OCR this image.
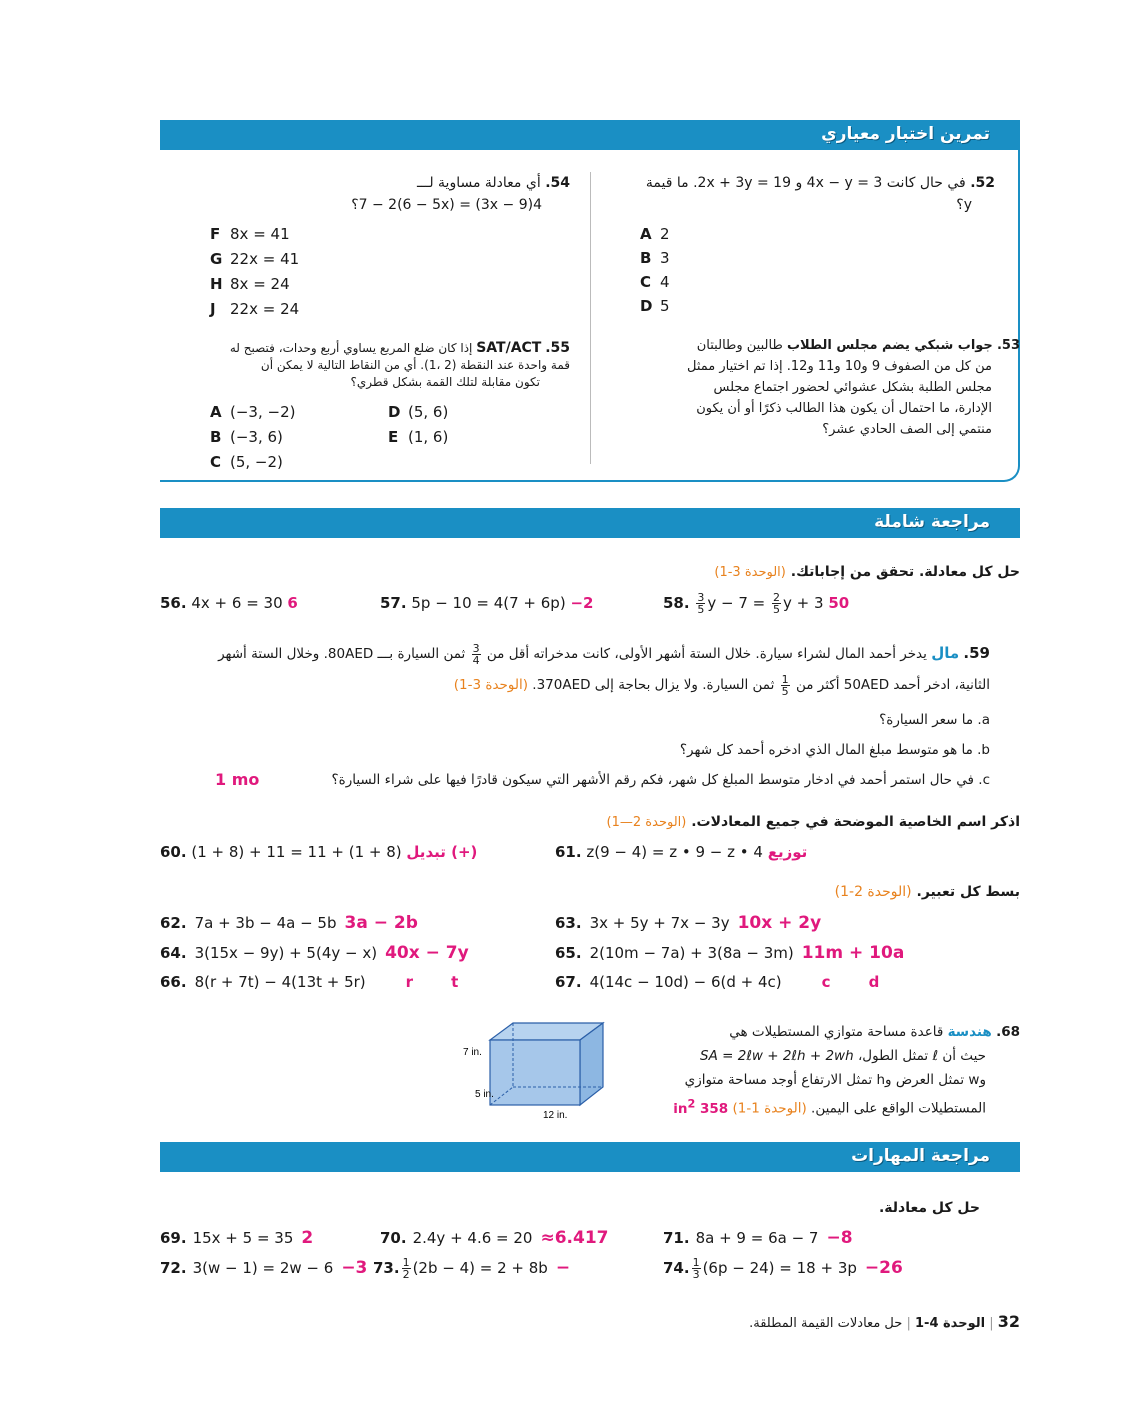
تمرين اختبار معياري
52. في حال كانت 3 = 4x − y و 2x + 3y = 19. ما قيمة
y؟
A 2
B 3
C 4
D 5
53. جواب شبكي يضم مجلس الطلاب طالبين وطالبتان
من كل من الصفوف 9 و10 و11 و12. إذا تم اختيار ممثل
مجلس الطلبة بشكل عشوائي لحضور اجتماع مجلس
الإدارة، ما احتمال أن يكون هذا الطالب ذكرًا أو أن يكون
منتمي إلى الصف الحادي عشر؟
54. أي معادلة مساوية لـــ
4(9 − 3x) = 7 − 2(6 − 5x)؟
F 8x = 41
G 22x = 41
H 8x = 24
J 22x = 24
55. SAT/ACT إذا كان ضلع المربع يساوي أربع وحدات، فتصبح له
قمة واحدة عند النقطة (2 ،1). أي من النقاط التالية لا يمكن أن
تكون مقابلة لتلك القمة بشكل قطري؟
A (−3, −2)
B (−3, 6)
C (5, −2)
D (5, 6)
E (1, 6)
مراجعة شاملة
حل كل معادلة. تحقق من إجاباتك. (الوحدة 3-1)
56. 4x + 6 = 30 6	57. 5p − 10 = 4(7 + 6p) −2	58. $\frac{3}{5}$ $y - 7 = \frac{2}{5}$ y + 3 50
59. مال يدخر أحمد المال لشراء سيارة. خلال الستة أشهر الأولى، كانت مدخراته أقل من
$\frac{3}{4}$
ثمن السيارة بـــ 80AED. وخلال الستة أشهر
الثانية، ادخر أحمد 50AED أكثر من
$\frac{1}{5}$
ثمن السيارة. ولا يزال بحاجة إلى 370AED. (الوحدة 3-1)
a. ما سعر السيارة؟
b. ما هو متوسط مبلغ المال الذي ادخره أحمد كل شهر؟
c. في حال استمر أحمد في ادخار متوسط المبلغ كل شهر، فكم رقم الأشهر التي سيكون قادرًا فيها على شراء السيارة؟
1 mo
اذكر اسم الخاصية الموضحة في جميع المعادلات. (الوحدة 2—1)
60. (1 + 8) + 11 = 11 + (1 + 8) تبديل (+)	61. z(9 − 4) = z • 9 − z • 4 توزيع
بسط كل تعبير. (الوحدة 2-1)
62. 7a + 3b − 4a − 5b 3a − 2b	63. 3x + 5y + 7x − 3y 10x + 2y
64. 3(15x − 9y) + 5(4y − x) 40x − 7y	65. 2(10m − 7a) + 3(8a − 3m) 11m + 10a
66. 8(r + 7t) − 4(13t + 5r)	r	t	67. 4(14c − 10d) − 6(d + 4c)	c	d
68. هندسة قاعدة مساحة متوازي المستطيلات هي
حيث أن ℓ تمثل الطول، SA = 2ℓw + 2ℓh + 2wh
وw تمثل العرض وh تمثل الارتفاع أوجد مساحة متوازي
المستطيلات الواقع على اليمين. (الوحدة 1-1) 358 $in^2$
7 in.
5 in.
12 in.
مراجعة المهارات
حل كل معادلة.
69. 15x + 5 = 35 2	70. 2.4y + 4.6 = 20 ≈6.417	71. 8a + 9 = 6a − 7 −8
72. 3(w − 1) = 2w − 6 −3 73. $\frac{1}{2} (2b - 4) = 2 + 8b$ −	74. $\frac{1}{3} (6p - 24) = 18 + 3p -26$
32 | الوحدة 4-1 | حل معادلات القيمة المطلقة.
